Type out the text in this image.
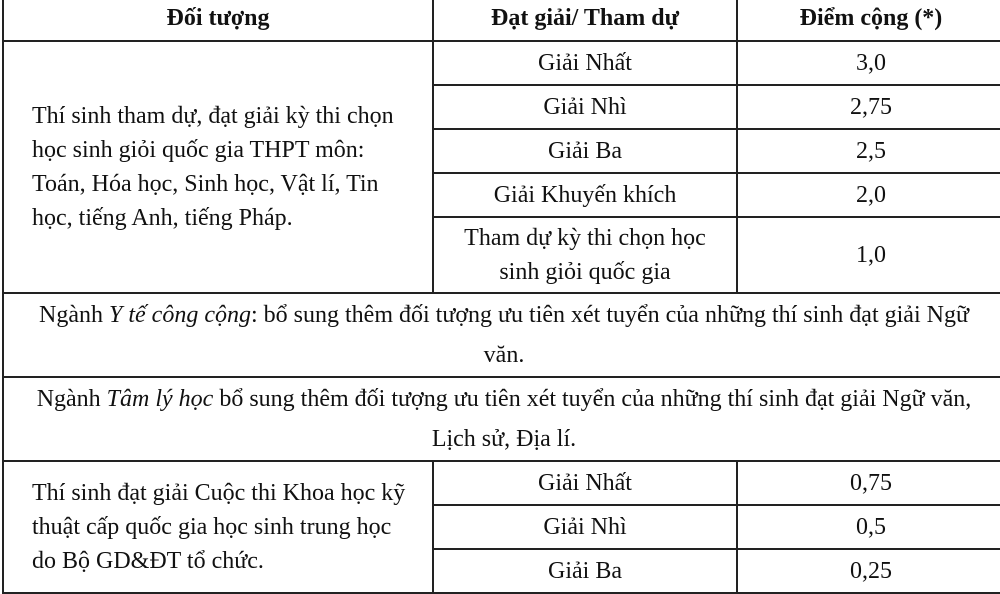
Đối tượng	Đạt giải/ Tham dự	Điểm cộng (*)
Thí sinh tham dự, đạt giải kỳ thi chọn học sinh giỏi quốc gia THPT môn: Toán, Hóa học, Sinh học, Vật lí, Tin học, tiếng Anh, tiếng Pháp.	Giải Nhất	3,0
	Giải Nhì	2,75
	Giải Ba	2,5
	Giải Khuyến khích	2,0
	Tham dự kỳ thi chọn học sinh giỏi quốc gia	1,0
Ngành Y tế công cộng: bổ sung thêm đối tượng ưu tiên xét tuyển của những thí sinh đạt giải Ngữ văn.		
Ngành Tâm lý học bổ sung thêm đối tượng ưu tiên xét tuyển của những thí sinh đạt giải Ngữ văn, Lịch sử, Địa lí.		
Thí sinh đạt giải Cuộc thi Khoa học kỹ thuật cấp quốc gia học sinh trung học do Bộ GD&ĐT tổ chức.	Giải Nhất	0,75
	Giải Nhì	0,5
	Giải Ba	0,25
